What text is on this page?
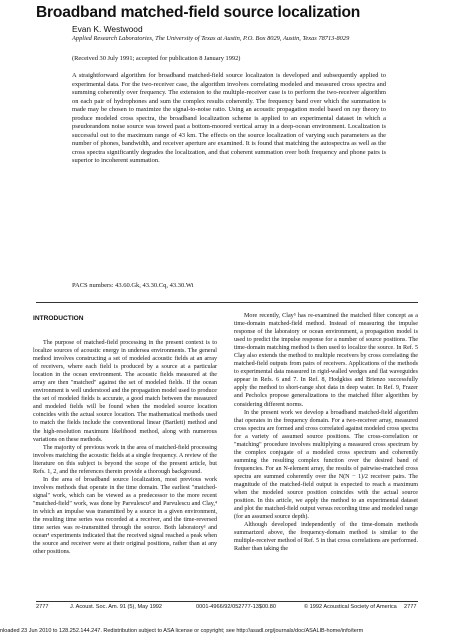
Broadband matched-field source localization
Evan K. Westwood
Applied Research Laboratories, The University of Texas at Austin, P.O. Box 8029, Austin, Texas 78713-8029
(Received 30 July 1991; accepted for publication 8 January 1992)

A straightforward algorithm for broadband matched-field source localizaton is developed and subsequently applied to experimental data. For the two-receiver case, the algorithm involves correlating modeled and measured cross spectra and summing coherently over frequency. The extension to the multiple-receiver case is to perform the two-receiver algorithm on each pair of hydrophones and sum the complex results coherently. The frequency band over which the summation is made may be chosen to maximize the signal-to-noise ratio. Using an acoustic propagation model based on ray theory to produce modeled cross spectra, the broadband localization scheme is applied to an experimental dataset in which a pseudorandom noise source was towed past a bottom-moored vertical array in a deep-ocean environment. Localization is successful out to the maximum range of 43 km. The effects on the source localization of varying such parameters as the number of phones, bandwidth, and receiver aperture are examined. It is found that matching the autospectra as well as the cross spectra significantly degrades the localization, and that coherent summation over both frequency and phone pairs is superior to incoherent summation.

PACS numbers: 43.60.Gk, 43.30.Cq, 43.30.Wi
INTRODUCTION

The purpose of matched-field processing in the present context is to localize sources of acoustic energy in undersea environments. The general method involves constructing a set of modeled acoustic fields at an array of receivers, where each field is produced by a source at a particular location in the ocean environment. The acoustic fields measured at the array are then "matched" against the set of modeled fields. If the ocean environment is well understood and the propagation model used to produce the set of modeled fields is accurate, a good match between the measured and modeled fields will be found when the modeled source location coincides with the actual source location. The mathematical methods used to match the fields include the conventional linear (Bartlett) method and the high-resolution maximum likelihood method, along with numerous variations on these methods.

The majority of previous work in the area of matched-field processing involves matching the acoustic fields at a single frequency. A review of the literature on this subject is beyond the scope of the present article, but Refs. 1, 2, and the references therein provide a thorough background.

In the area of broadband source localization, most previous work involves methods that operate in the time domain. The earliest "matched-signal" work, which can be viewed as a predecessor to the more recent "matched-field" work, was done by Parvulescu³ and Parvulescu and Clay,⁴ in which an impulse was transmitted by a source in a given environment, the resulting time series was recorded at a receiver, and the time-reversed time series was re-transmitted through the source. Both laboratory³ and ocean⁴ experiments indicated that the received signal reached a peak when the source and receiver were at their original positions, rather than at any other positions.

More recently, Clay⁵ has re-examined the matched filter concept as a time-domain matched-field method. Instead of measuring the impulse response of the laboratory or ocean environment, a propagation model is used to predict the impulse response for a number of source positions. The time-domain matching method is then used to localize the source. In Ref. 5 Clay also extends the method to multiple receivers by cross correlating the matched-field outputs from pairs of receivers. Applications of the methods to experimental data measured in rigid-walled wedges and flat waveguides appear in Refs. 6 and 7. In Ref. 8, Hodgkiss and Brienzo successfully apply the method to short-range shot data in deep water. In Ref. 9, Frazer and Pecholcs propose generalizations to the matched filter algorithm by considering different norms.

In the present work we develop a broadband matched-field algorithm that operates in the frequency domain. For a two-receiver array, measured cross spectra are formed and cross correlated against modeled cross spectra for a variety of assumed source positions. The cross-correlation or "matching" procedure involves multiplying a measured cross spectrum by the complex conjugate of a modeled cross spectrum and coherently summing the resulting complex function over the desired band of frequencies. For an N-element array, the results of pairwise-matched cross spectra are summed coherently over the N(N − 1)/2 receiver pairs. The magnitude of the matched-field output is expected to reach a maximum when the modeled source position coincides with the actual source position. In this article, we apply the method to an experimental dataset and plot the matched-field output versus recording time and modeled range (for an assumed source depth).

Although developed independently of the time-domain methods summarized above, the frequency-domain method is similar to the multiple-receiver method of Ref. 5 in that cross correlations are performed. Rather than taking the

2777	J. Acoust. Soc. Am. 91 (5), May 1992	0001-4966/92/052777-13$00.80	© 1992 Acoustical Society of America 2777
nloaded 23 Jun 2010 to 128.252.144.247. Redistribution subject to ASA license or copyright; see http://asadl.org/journals/doc/ASALIB-home/info/term
